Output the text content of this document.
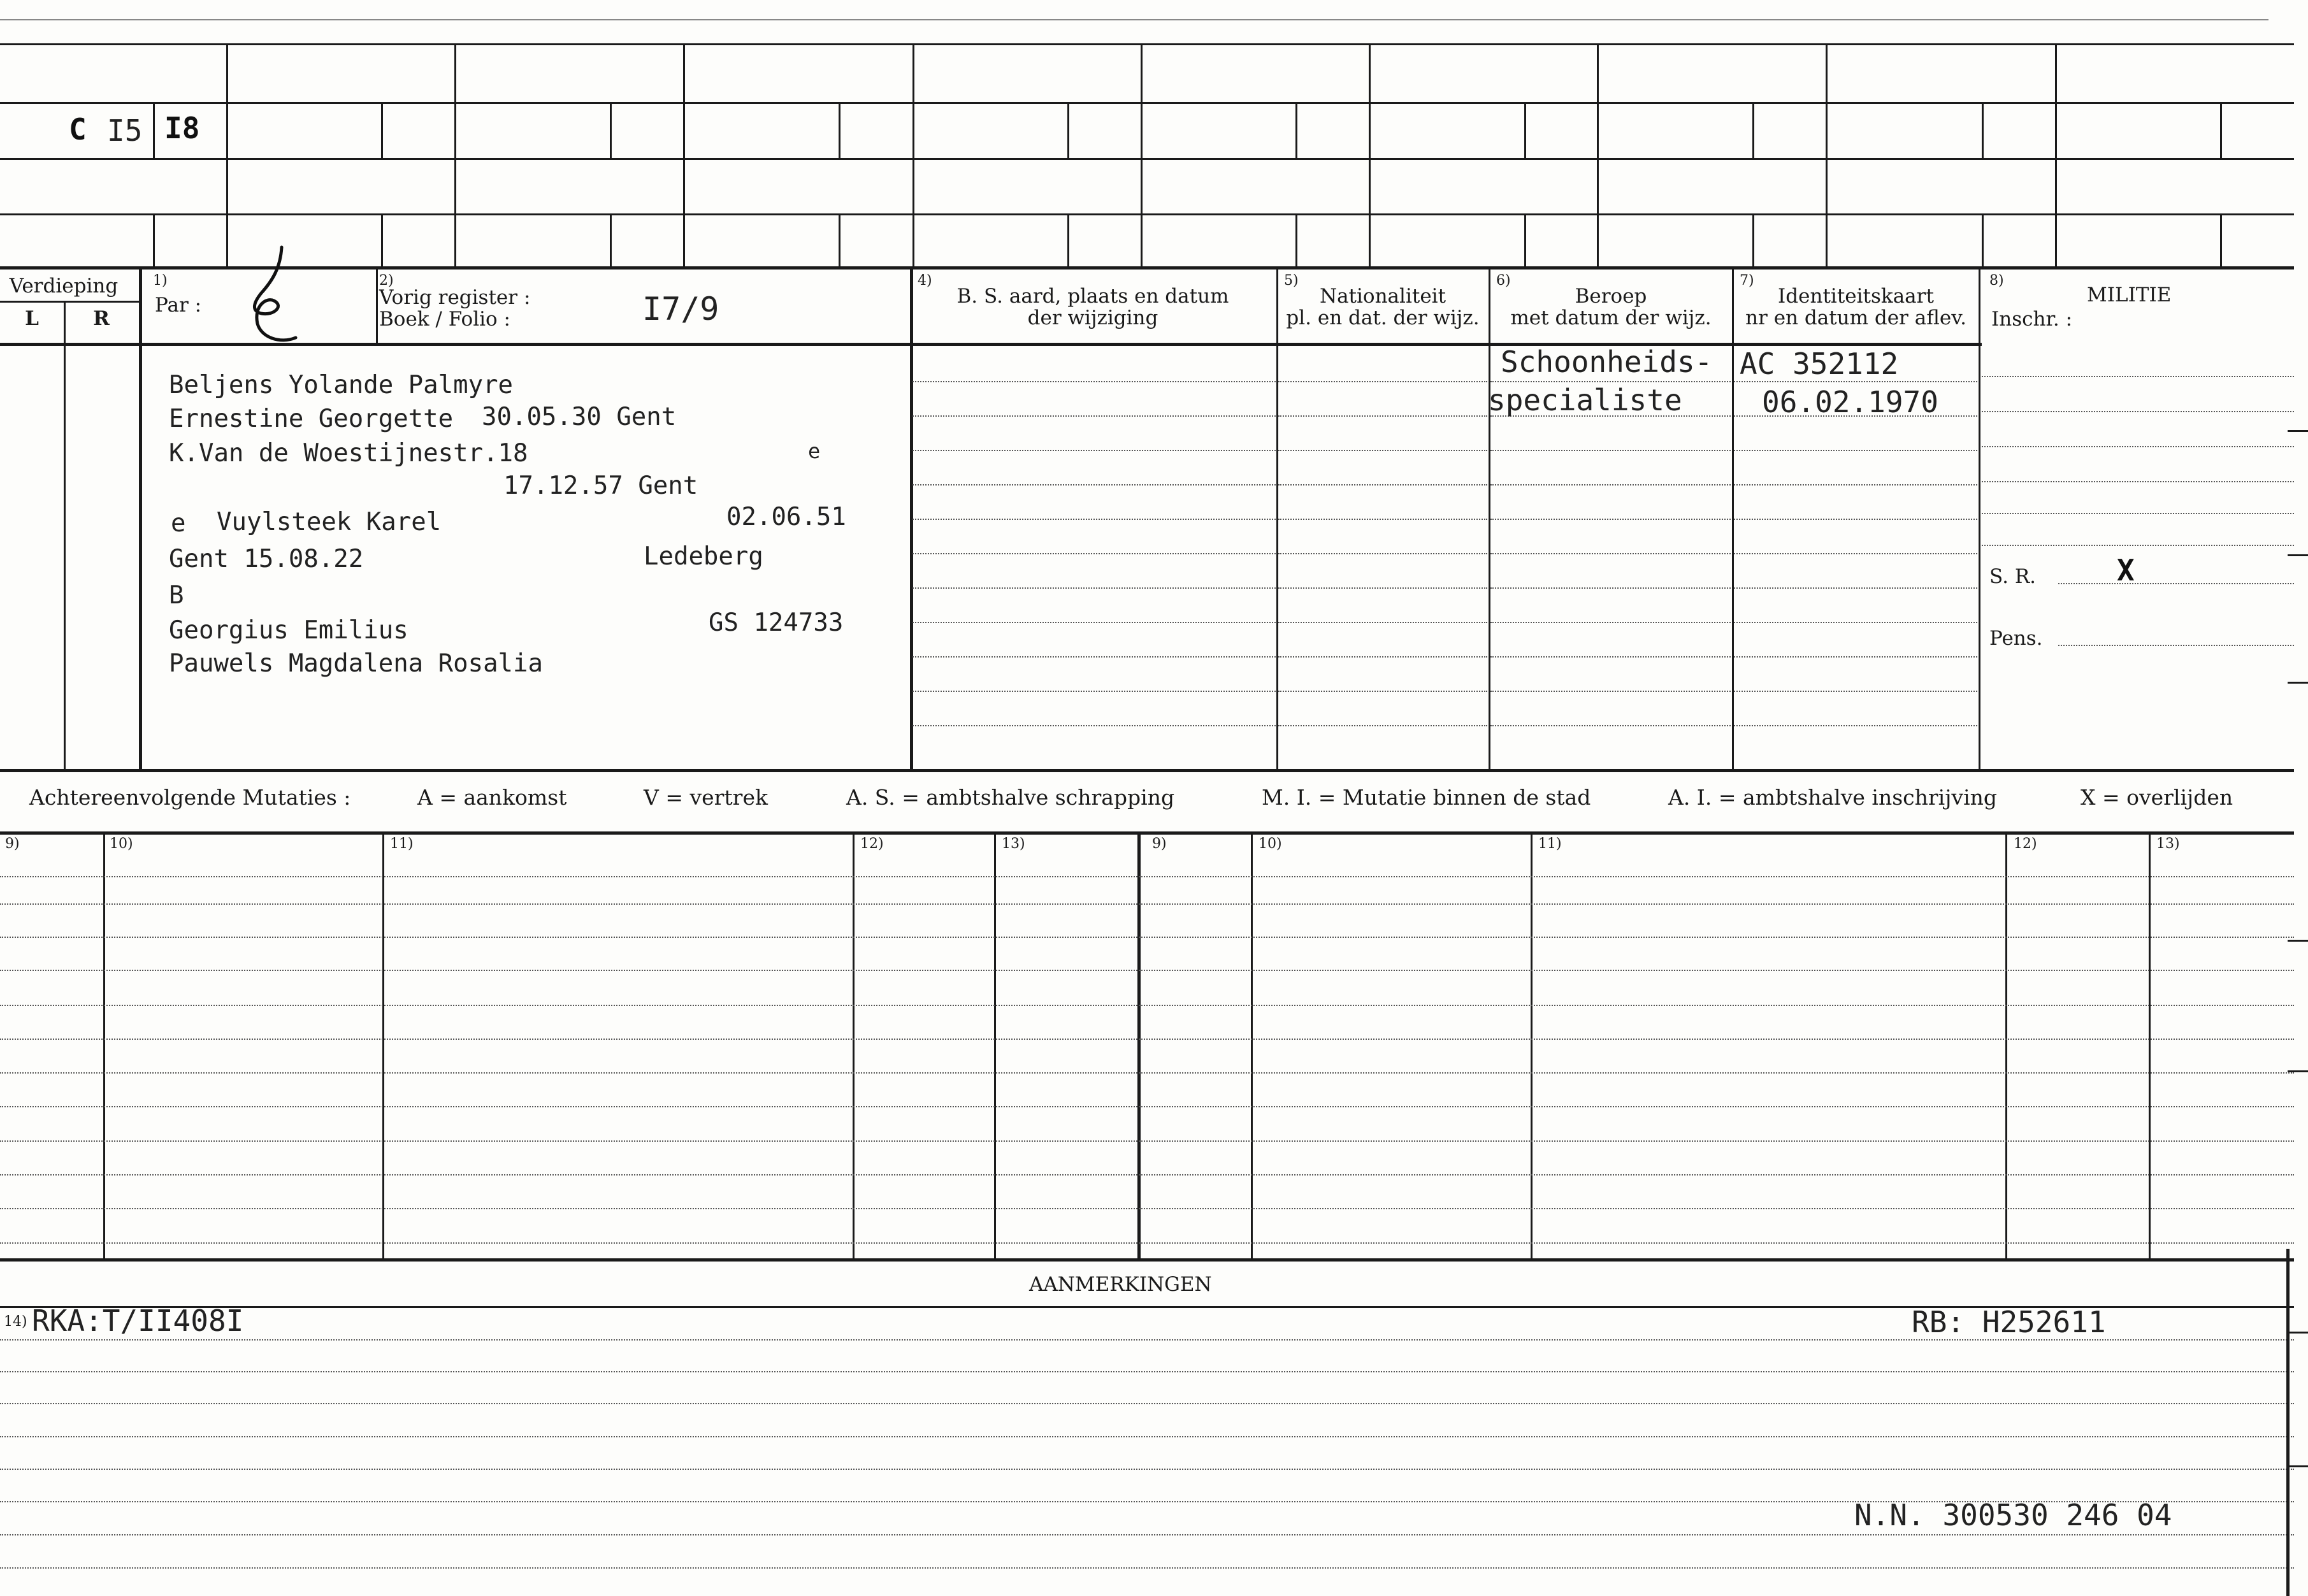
C I5 I8
Verdieping
L	R
1)
Par :
2)
Vorig register :
Boek / Folio :	I7/9
4)
B. S. aard, plaats en datum
der wijziging
5)
Nationaliteit
pl. en dat. der wijz.
6)
Beroep
met datum der wijz.
7)
Identiteitskaart
nr en datum der aflev.
8)
MILITIE
Inschr. :
S. R.	X
Pens.
Beljens Yolande Palmyre
Ernestine Georgette 30.05.30 Gent
K.Van de Woestijnestr.18	e
17.12.57 Gent
e Vuylsteek Karel	02.06.51
Gent 15.08.22	Ledeberg
B
Georgius Emilius	GS 124733
Pauwels Magdalena Rosalia
Schoonheids-
specialiste
AC 352112
06.02.1970
Achtereenvolgende Mutaties :	A = aankomst	V = vertrek	A. S. = ambtshalve schrapping	M. I. = Mutatie binnen de stad	A. I. = ambtshalve inschrijving	X = overlijden
9)	10)	11)	12)	13)	9)	10)	11)	12)	13)
AANMERKINGEN
14) RKA:T/II408I	RB: H252611
N.N. 300530 246 04
